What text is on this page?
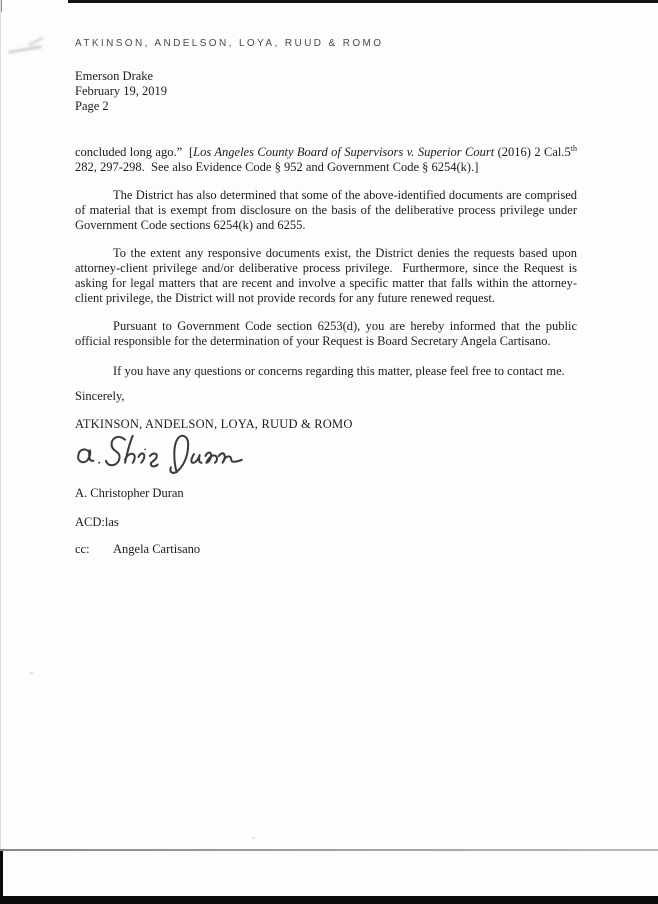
ATKINSON, ANDELSON, LOYA, RUUD & ROMO
Emerson Drake
February 19, 2019
Page 2

concluded long ago.”  [Los Angeles County Board of Supervisors v. Superior Court (2016) 2 Cal.5th 282, 297-298.  See also Evidence Code § 952 and Government Code § 6254(k).]

The District has also determined that some of the above-identified documents are comprised of material that is exempt from disclosure on the basis of the deliberative process privilege under Government Code sections 6254(k) and 6255.

To the extent any responsive documents exist, the District denies the requests based upon attorney-client privilege and/or deliberative process privilege.  Furthermore, since the Request is asking for legal matters that are recent and involve a specific matter that falls within the attorney-client privilege, the District will not provide records for any future renewed request.

Pursuant to Government Code section 6253(d), you are hereby informed that the public official responsible for the determination of your Request is Board Secretary Angela Cartisano.

If you have any questions or concerns regarding this matter, please feel free to contact me.

Sincerely,
ATKINSON, ANDELSON, LOYA, RUUD & ROMO
A. Christopher Duran
ACD:las
cc: Angela Cartisano
